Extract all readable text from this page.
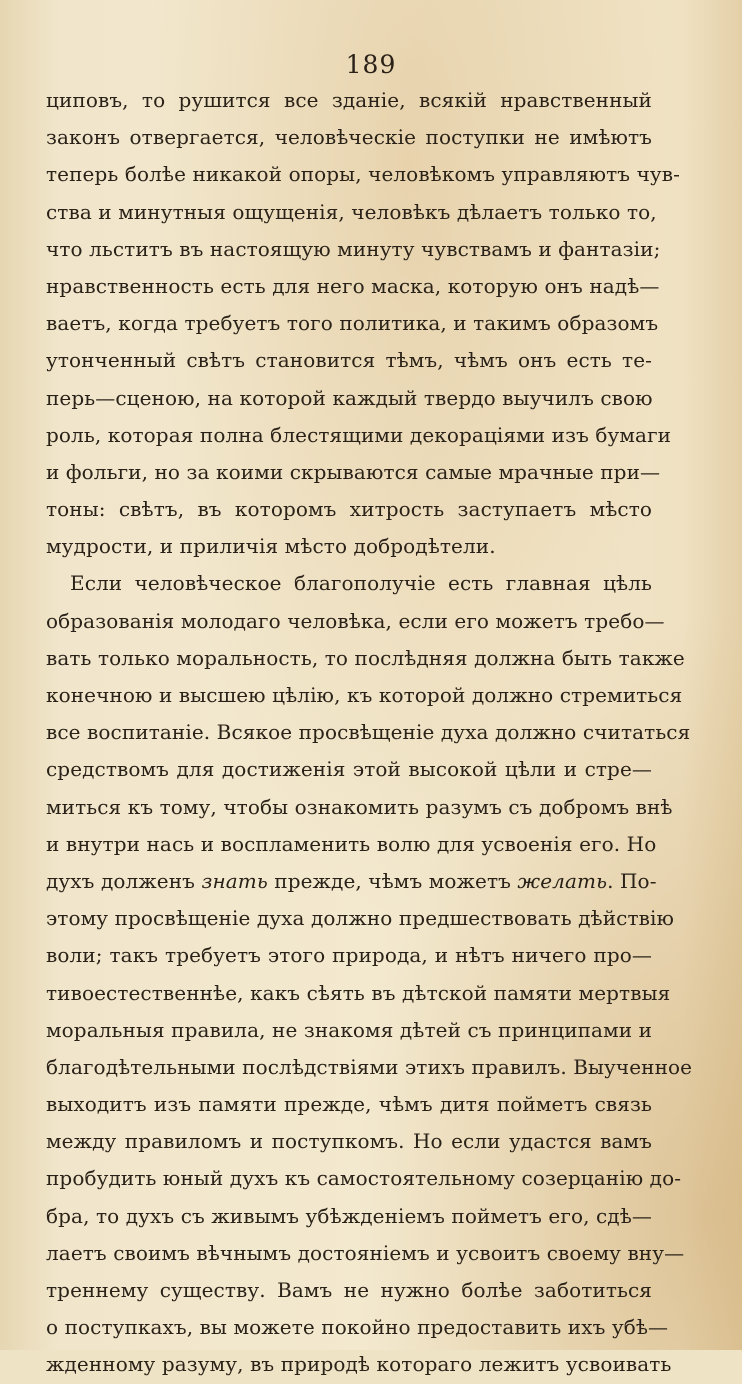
189
циповъ, то рушится все зданіе, всякій нравственный
законъ отвергается, человѣческіе поступки не имѣютъ
теперь болѣе никакой опоры, человѣкомъ управляютъ чув-
ства и минутныя ощущенія, человѣкъ дѣлаетъ только то,
что льститъ въ настоящую минуту чувствамъ и фантазіи;
нравственность есть для него маска, которую онъ надѣ—
ваетъ, когда требуетъ того политика, и такимъ образомъ
утонченный свѣтъ становится тѣмъ, чѣмъ онъ есть те-
перь—сценою, на которой каждый твердо выучилъ свою
роль, которая полна блестящими декораціями изъ бумаги
и фольги, но за коими скрываются самые мрачные при—
тоны: свѣтъ, въ которомъ хитрость заступаетъ мѣсто
мудрости, и приличія мѣсто добродѣтели.
Если человѣческое благополучіе есть главная цѣль
образованія молодаго человѣка, если его можетъ требо—
вать только моральность, то послѣдняя должна быть также
конечною и высшею цѣлію, къ которой должно стремиться
все воспитаніе. Всякое просвѣщеніе духа должно считаться
средствомъ для достиженія этой высокой цѣли и стре—
миться къ тому, чтобы ознакомить разумъ съ добромъ внѣ
и внутри нась и воспламенить волю для усвоенія его. Но
духъ долженъ знать прежде, чѣмъ можетъ желать. По-
этому просвѣщеніе духа должно предшествовать дѣйствію
воли; такъ требуетъ этого природа, и нѣтъ ничего про—
тивоестественнѣе, какъ сѣять въ дѣтской памяти мертвыя
моральныя правила, не знакомя дѣтей съ принципами и
благодѣтельными послѣдствіями этихъ правилъ. Выученное
выходитъ изъ памяти прежде, чѣмъ дитя пойметъ связь
между правиломъ и поступкомъ. Но если удастся вамъ
пробудить юный духъ къ самостоятельному созерцанію до-
бра, то духъ съ живымъ убѣжденіемъ пойметъ его, сдѣ—
лаетъ своимъ вѣчнымъ достояніемъ и усвоитъ своему вну—
треннему существу. Вамъ не нужно болѣе заботиться
о поступкахъ, вы можете покойно предоставить ихъ убѣ—
жденному разуму, въ природѣ котораго лежитъ усвоивать
